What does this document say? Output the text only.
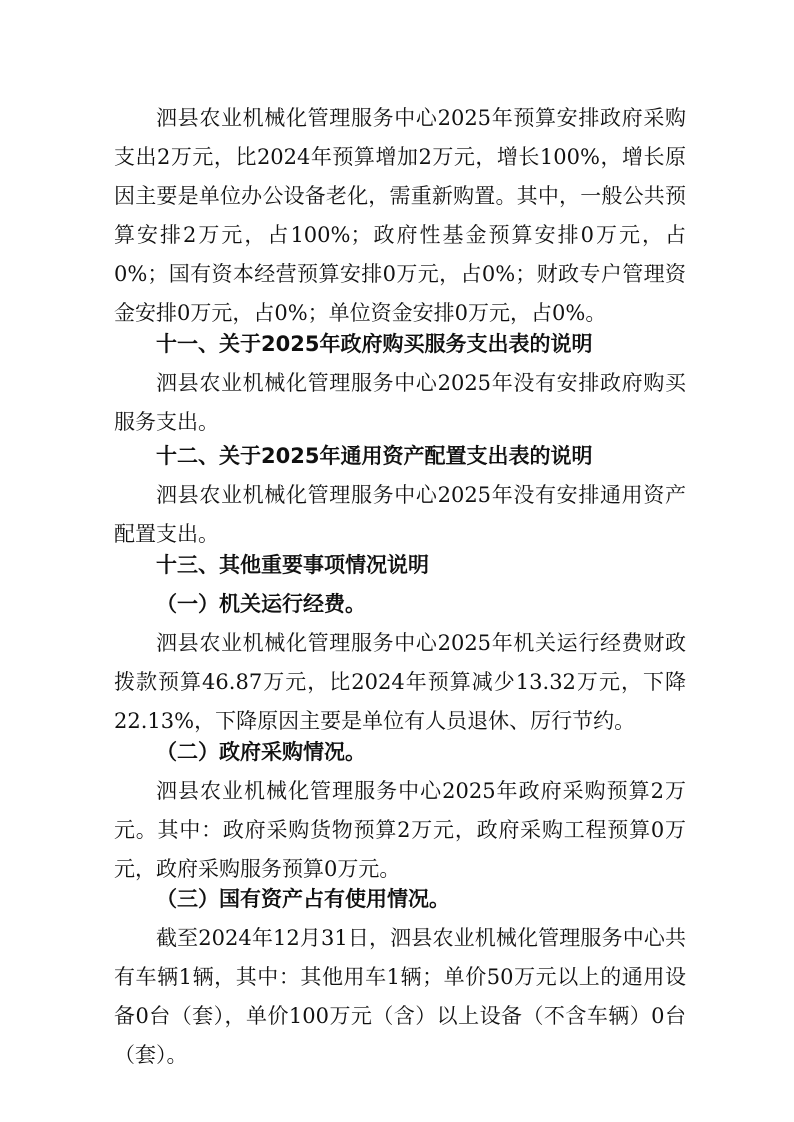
泗县农业机械化管理服务中心2025年预算安排政府采购支出2万元，比2024年预算增加2万元，增长100%，增长原因主要是单位办公设备老化，需重新购置。其中，一般公共预算安排2万元，占100%；政府性基金预算安排0万元，占0%；国有资本经营预算安排0万元，占0%；财政专户管理资金安排0万元，占0%；单位资金安排0万元，占0%。

十一、关于2025年政府购买服务支出表的说明

泗县农业机械化管理服务中心2025年没有安排政府购买服务支出。

十二、关于2025年通用资产配置支出表的说明

泗县农业机械化管理服务中心2025年没有安排通用资产配置支出。

十三、其他重要事项情况说明

（一）机关运行经费。

泗县农业机械化管理服务中心2025年机关运行经费财政拨款预算46.87万元，比2024年预算减少13.32万元，下降22.13%，下降原因主要是单位有人员退休、厉行节约。

（二）政府采购情况。

泗县农业机械化管理服务中心2025年政府采购预算2万元。其中：政府采购货物预算2万元，政府采购工程预算0万元，政府采购服务预算0万元。

（三）国有资产占有使用情况。

截至2024年12月31日，泗县农业机械化管理服务中心共有车辆1辆，其中：其他用车1辆；单价50万元以上的通用设备0台（套），单价100万元（含）以上设备（不含车辆）0台（套）。
